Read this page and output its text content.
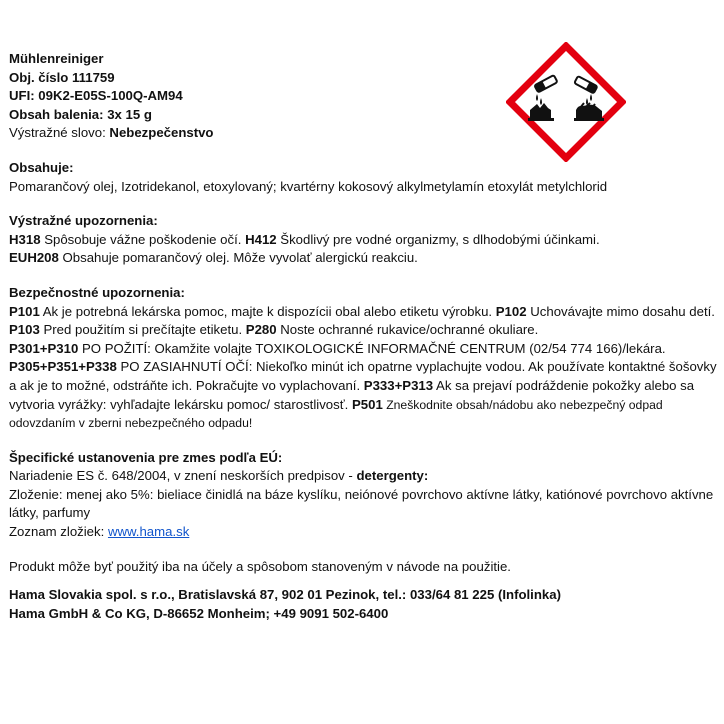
Mühlenreiniger

Obj. číslo 111759

UFI: 09K2-E05S-100Q-AM94

Obsah balenia: 3x 15 g

Výstražné slovo: Nebezpečenstvo

Obsahuje:

Pomarančový olej, Izotridekanol, etoxylovaný; kvartérny kokosový alkylmetylamín etoxylát metylchlorid

Výstražné upozornenia:

H318 Spôsobuje vážne poškodenie očí. H412 Škodlivý pre vodné organizmy, s dlhodobými účinkami.

EUH208 Obsahuje pomarančový olej. Môže vyvolať alergickú reakciu.

Bezpečnostné upozornenia:

P101 Ak je potrebná lekárska pomoc, majte k dispozícii obal alebo etiketu výrobku. P102 Uchovávajte mimo dosahu detí. P103 Pred použitím si prečítajte etiketu. P280 Noste ochranné rukavice/ochranné okuliare.

P301+P310 PO POŽITÍ: Okamžite volajte TOXIKOLOGICKÉ INFORMAČNÉ CENTRUM (02/54 774 166)/lekára.

P305+P351+P338 PO ZASIAHNUTÍ OČÍ: Niekoľko minút ich opatrne vyplachujte vodou. Ak používate kontaktné šošovky a ak je to možné, odstráňte ich. Pokračujte vo vyplachovaní. P333+P313 Ak sa prejaví podráždenie pokožky alebo sa vytvoria vyrážky: vyhľadajte lekársku pomoc/ starostlivosť. P501 Zneškodnite obsah/nádobu ako nebezpečný odpad odovzdaním v zberni nebezpečného odpadu!

Špecifické ustanovenia pre zmes podľa EÚ:

Nariadenie ES č. 648/2004, v znení neskorších predpisov - detergenty:

Zloženie: menej ako 5%: bieliace činidlá na báze kyslíku, neiónové povrchovo aktívne látky, katiónové povrchovo aktívne látky, parfumy

Zoznam zložiek: www.hama.sk

Produkt môže byť použitý iba na účely a spôsobom stanoveným v návode na použitie.

Hama Slovakia spol. s r.o., Bratislavská 87, 902 01 Pezinok, tel.: 033/64 81 225 (Infolinka)

Hama GmbH & Co KG, D-86652 Monheim; +49 9091 502-6400
